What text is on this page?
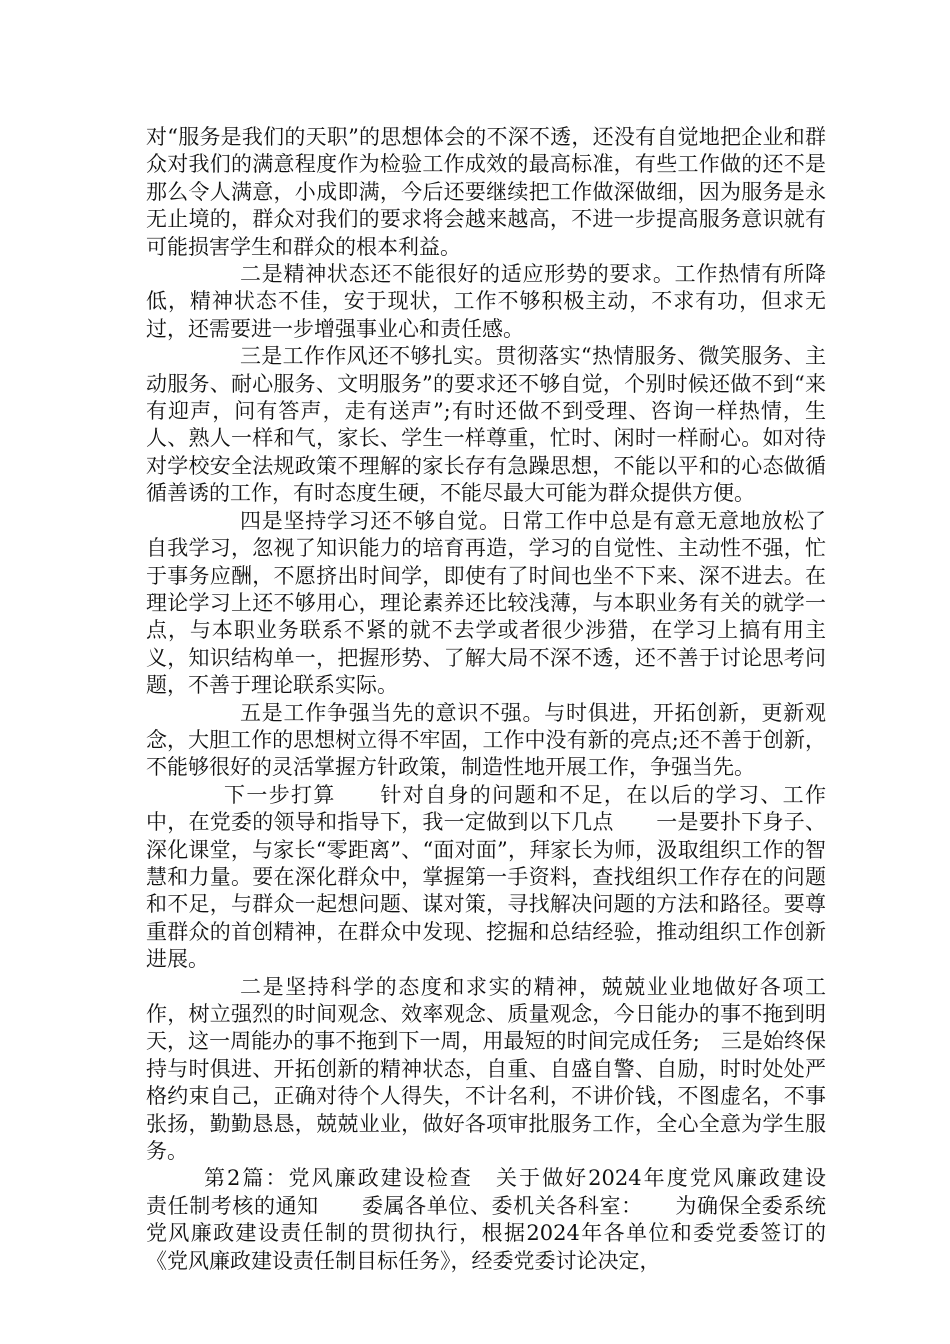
对“服务是我们的天职”的思想体会的不深不透，还没有自觉地把企业和群众对我们的满意程度作为检验工作成效的最高标准，有些工作做的还不是那么令人满意，小成即满，今后还要继续把工作做深做细，因为服务是永无止境的，群众对我们的要求将会越来越高，不进一步提高服务意识就有可能损害学生和群众的根本利益。

二是精神状态还不能很好的适应形势的要求。工作热情有所降低，精神状态不佳，安于现状，工作不够积极主动，不求有功，但求无过，还需要进一步增强事业心和责任感。

三是工作作风还不够扎实。贯彻落实“热情服务、微笑服务、主动服务、耐心服务、文明服务”的要求还不够自觉，个别时候还做不到“来有迎声，问有答声，走有送声”;有时还做不到受理、咨询一样热情，生人、熟人一样和气，家长、学生一样尊重，忙时、闲时一样耐心。如对待对学校安全法规政策不理解的家长存有急躁思想，不能以平和的心态做循循善诱的工作，有时态度生硬，不能尽最大可能为群众提供方便。

四是坚持学习还不够自觉。日常工作中总是有意无意地放松了自我学习，忽视了知识能力的培育再造，学习的自觉性、主动性不强，忙于事务应酬，不愿挤出时间学，即使有了时间也坐不下来、深不进去。在理论学习上还不够用心，理论素养还比较浅薄，与本职业务有关的就学一点，与本职业务联系不紧的就不去学或者很少涉猎，在学习上搞有用主义，知识结构单一，把握形势、了解大局不深不透，还不善于讨论思考问题，不善于理论联系实际。

五是工作争强当先的意识不强。与时俱进，开拓创新，更新观念，大胆工作的思想树立得不牢固，工作中没有新的亮点;还不善于创新，不能够很好的灵活掌握方针政策，制造性地开展工作，争强当先。

下一步打算　　针对自身的问题和不足，在以后的学习、工作中，在党委的领导和指导下，我一定做到以下几点　　一是要扑下身子、深化课堂，与家长“零距离”、“面对面”，拜家长为师，汲取组织工作的智慧和力量。要在深化群众中，掌握第一手资料，查找组织工作存在的问题和不足，与群众一起想问题、谋对策，寻找解决问题的方法和路径。要尊重群众的首创精神，在群众中发现、挖掘和总结经验，推动组织工作创新进展。

二是坚持科学的态度和求实的精神，兢兢业业地做好各项工作，树立强烈的时间观念、效率观念、质量观念，今日能办的事不拖到明天，这一周能办的事不拖到下一周，用最短的时间完成任务;　三是始终保持与时俱进、开拓创新的精神状态，自重、自盛自警、自励，时时处处严格约束自己，正确对待个人得失，不计名利，不讲价钱，不图虚名，不事张扬，勤勤恳恳，兢兢业业，做好各项审批服务工作，全心全意为学生服务。

第2篇：党风廉政建设检查　关于做好2024年度党风廉政建设　　责任制考核的通知　　委属各单位、委机关各科室：　　为确保全委系统党风廉政建设责任制的贯彻执行，根据2024年各单位和委党委签订的《党风廉政建设责任制目标任务》，经委党委讨论决定，
